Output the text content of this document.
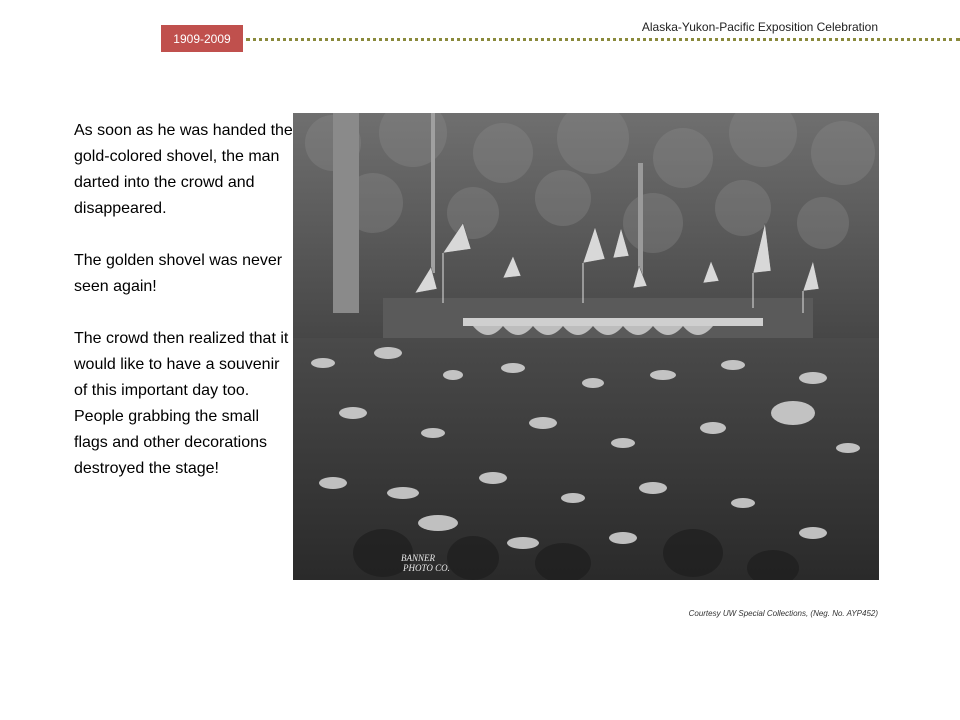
1909-2009
Alaska-Yukon-Pacific Exposition Celebration

As soon as he was handed the gold-colored shovel, the man darted into the crowd and disappeared.

The golden shovel was never seen again!

The crowd then realized that it would like to have a souvenir of this important day too. People grabbing the small flags and other decorations destroyed the stage!

BANNER
PHOTO CO.
Courtesy UW Special Collections, (Neg. No. AYP452)
